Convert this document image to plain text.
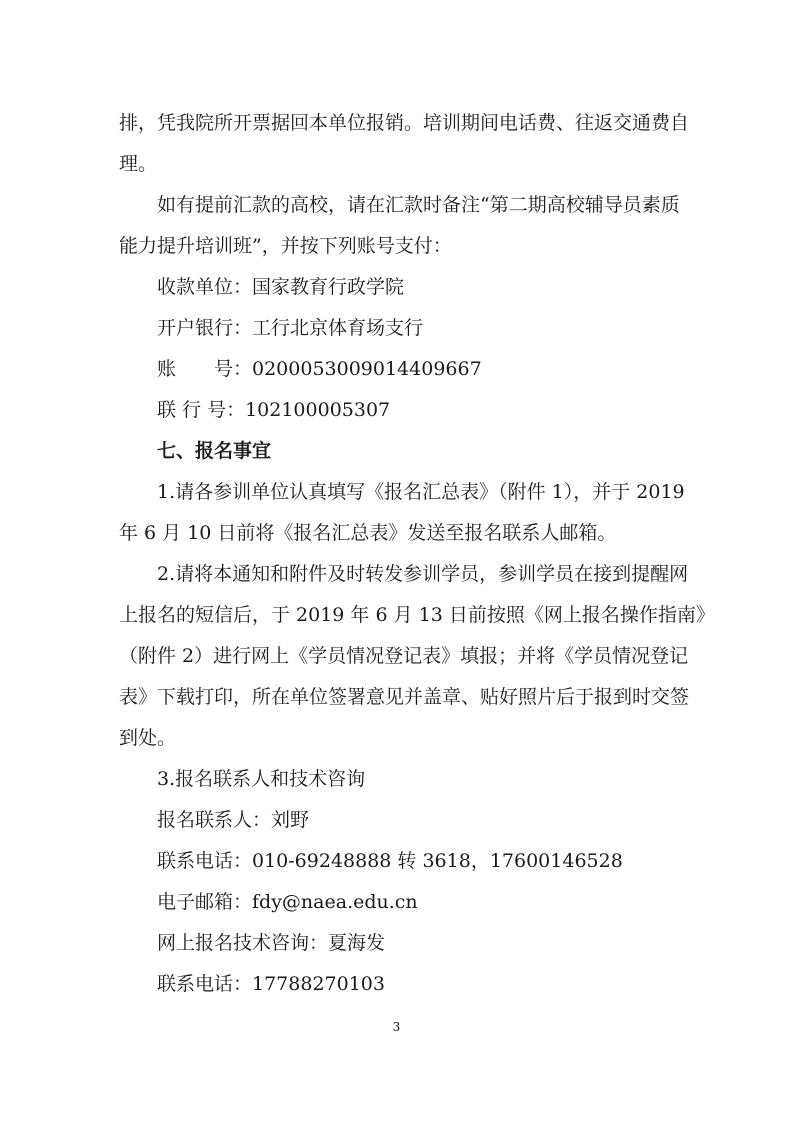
排，凭我院所开票据回本单位报销。培训期间电话费、往返交通费自
理。
如有提前汇款的高校，请在汇款时备注“第二期高校辅导员素质
能力提升培训班”，并按下列账号支付：
收款单位：国家教育行政学院
开户银行：工行北京体育场支行
账　　号：0200053009014409667
联 行 号：102100005307
七、报名事宜
1.请各参训单位认真填写《报名汇总表》（附件 1），并于 2019
年 6 月 10 日前将《报名汇总表》发送至报名联系人邮箱。
2.请将本通知和附件及时转发参训学员，参训学员在接到提醒网
上报名的短信后，于 2019 年 6 月 13 日前按照《网上报名操作指南》
（附件 2）进行网上《学员情况登记表》填报；并将《学员情况登记
表》下载打印，所在单位签署意见并盖章、贴好照片后于报到时交签
到处。
3.报名联系人和技术咨询
报名联系人：刘野
联系电话：010-69248888 转 3618，17600146528
电子邮箱：fdy@naea.edu.cn
网上报名技术咨询：夏海发
联系电话：17788270103
3
